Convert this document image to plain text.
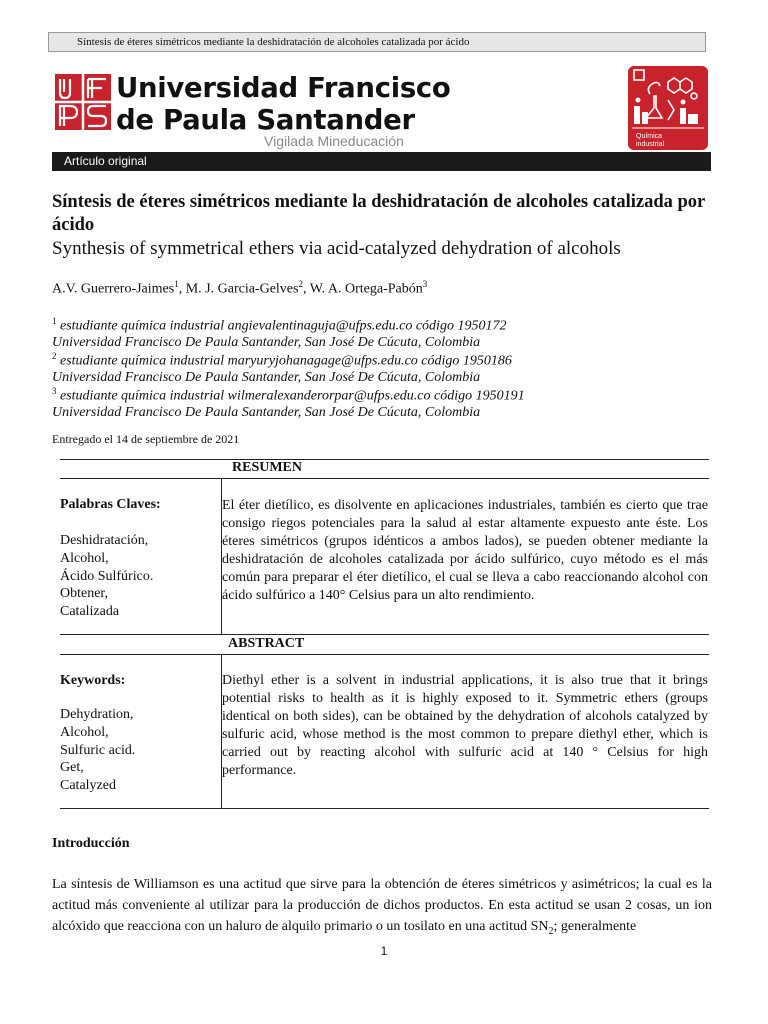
Síntesis de éteres simétricos mediante la deshidratación de alcoholes catalizada por ácido
Universidad Francisco
de Paula Santander
Vigilada Mineducación	Química
industrial
Artículo original
Síntesis de éteres simétricos mediante la deshidratación de alcoholes catalizada por ácido
Synthesis of symmetrical ethers via acid-catalyzed dehydration of alcohols
A.V. Guerrero-Jaimes$^1$, M. J. Garcia-Gelves$^2$, W. A. Ortega-Pabón$^3$
$^1$ estudiante química industrial angievalentinaguja@ufps.edu.co código 1950172
Universidad Francisco De Paula Santander, San José De Cúcuta, Colombia
$^2$ estudiante química industrial maryuryjohanagage@ufps.edu.co código 1950186
Universidad Francisco De Paula Santander, San José De Cúcuta, Colombia
$^3$ estudiante química industrial wilmeralexanderorpar@ufps.edu.co código 1950191
Universidad Francisco De Paula Santander, San José De Cúcuta, Colombia
Entregado el 14 de septiembre de 2021
RESUMEN
Palabras Claves:
Deshidratación,
Alcohol,
Ácido Sulfúrico.
Obtener,
Catalizada
El éter dietílico, es disolvente en aplicaciones industriales, también es cierto que trae consigo riegos potenciales para la salud al estar altamente expuesto ante éste. Los éteres simétricos (grupos idénticos a ambos lados), se pueden obtener mediante la deshidratación de alcoholes catalizada por ácido sulfúrico, cuyo método es el más común para preparar el éter dietílico, el cual se lleva a cabo reaccionando alcohol con ácido sulfúrico a 140° Celsius para un alto rendimiento.
ABSTRACT
Keywords:
Dehydration,
Alcohol,
Sulfuric acid.
Get,
Catalyzed
Diethyl ether is a solvent in industrial applications, it is also true that it brings potential risks to health as it is highly exposed to it. Symmetric ethers (groups identical on both sides), can be obtained by the dehydration of alcohols catalyzed by sulfuric acid, whose method is the most common to prepare diethyl ether, which is carried out by reacting alcohol with sulfuric acid at 140 ° Celsius for high performance.
Introducción
La síntesis de Williamson es una actitud que sirve para la obtención de éteres simétricos y asimétricos; la cual es la actitud más conveniente al utilizar para la producción de dichos productos. En esta actitud se usan 2 cosas, un ion alcóxido que reacciona con un haluro de alquilo primario o un tosilato en una actitud $SN_2$; generalmente
1
